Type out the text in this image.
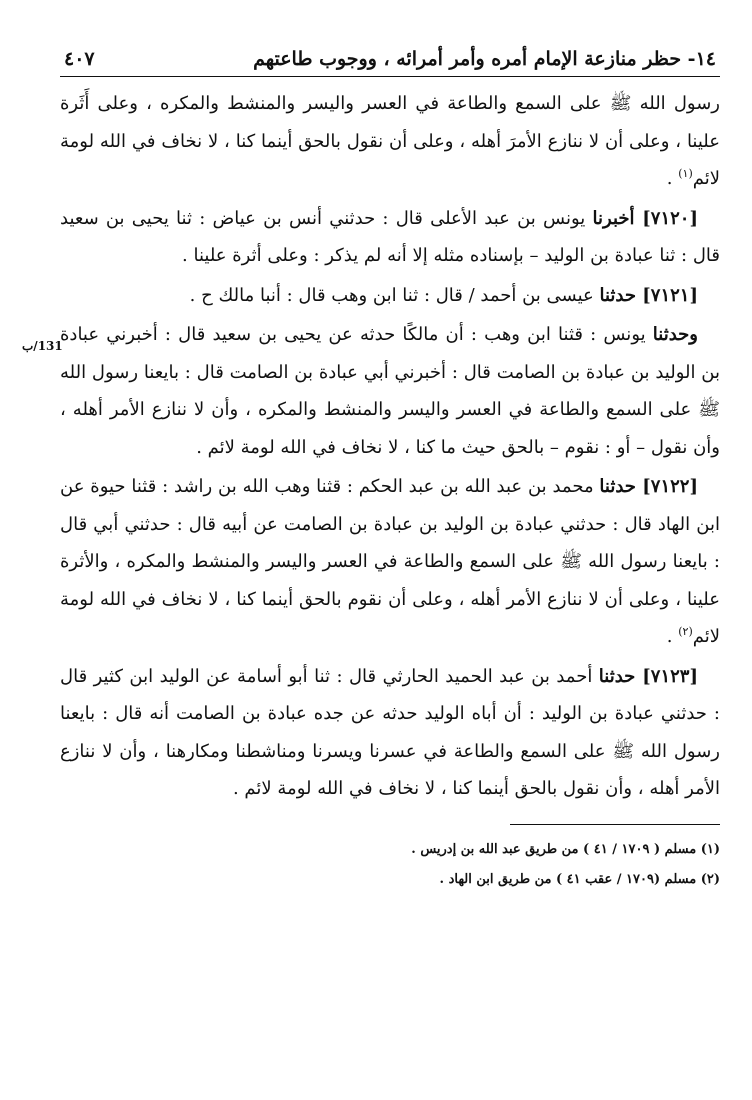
131/ب
١٤- حظر منازعة الإمام أمره وأمر أمرائه ، ووجوب طاعتهم
٤٠٧

رسول الله ﷺ على السمع والطاعة في العسر واليسر والمنشط والمكره ، وعلى أَثَرة علينا ، وعلى أن لا ننازع الأمرَ أهله ، وعلى أن نقول بالحق أينما كنا ، لا نخاف في الله لومة لائم$^{(١)}$ .

[٧١٢٠] أخبرنا يونس بن عبد الأعلى قال : حدثني أنس بن عياض : ثنا يحيى بن سعيد قال : ثنا عبادة بن الوليد – بإسناده مثله إلا أنه لم يذكر : وعلى أثرة علينا .

[٧١٢١] حدثنا عيسى بن أحمد / قال : ثنا ابن وهب قال : أنبا مالك ح .

وحدثنا يونس : قثنا ابن وهب : أن مالكًا حدثه عن يحيى بن سعيد قال : أخبرني عبادة بن الوليد بن عبادة بن الصامت قال : أخبرني أبي عبادة بن الصامت قال : بايعنا رسول الله ﷺ على السمع والطاعة في العسر واليسر والمنشط والمكره ، وأن لا ننازع الأمر أهله ، وأن نقول – أو : نقوم – بالحق حيث ما كنا ، لا نخاف في الله لومة لائم .

[٧١٢٢] حدثنا محمد بن عبد الله بن عبد الحكم : قثنا وهب الله بن راشد : قثنا حيوة عن ابن الهاد قال : حدثني عبادة بن الوليد بن عبادة بن الصامت عن أبيه قال : حدثني أبي قال : بايعنا رسول الله ﷺ على السمع والطاعة في العسر واليسر والمنشط والمكره ، والأثرة علينا ، وعلى أن لا ننازع الأمر أهله ، وعلى أن نقوم بالحق أينما كنا ، لا نخاف في الله لومة لائم$^{(٢)}$ .

[٧١٢٣] حدثنا أحمد بن عبد الحميد الحارثي قال : ثنا أبو أسامة عن الوليد ابن كثير قال : حدثني عبادة بن الوليد : أن أباه الوليد حدثه عن جده عبادة بن الصامت أنه قال : بايعنا رسول الله ﷺ على السمع والطاعة في عسرنا ويسرنا ومناشطنا ومكارهنا ، وأن لا ننازع الأمر أهله ، وأن نقول بالحق أينما كنا ، لا نخاف في الله لومة لائم .

(١) مسلم ( ١٧٠٩ / ٤١ ) من طريق عبد الله بن إدريس .

(٢) مسلم (١٧٠٩ / عقب ٤١ ) من طريق ابن الهاد .
